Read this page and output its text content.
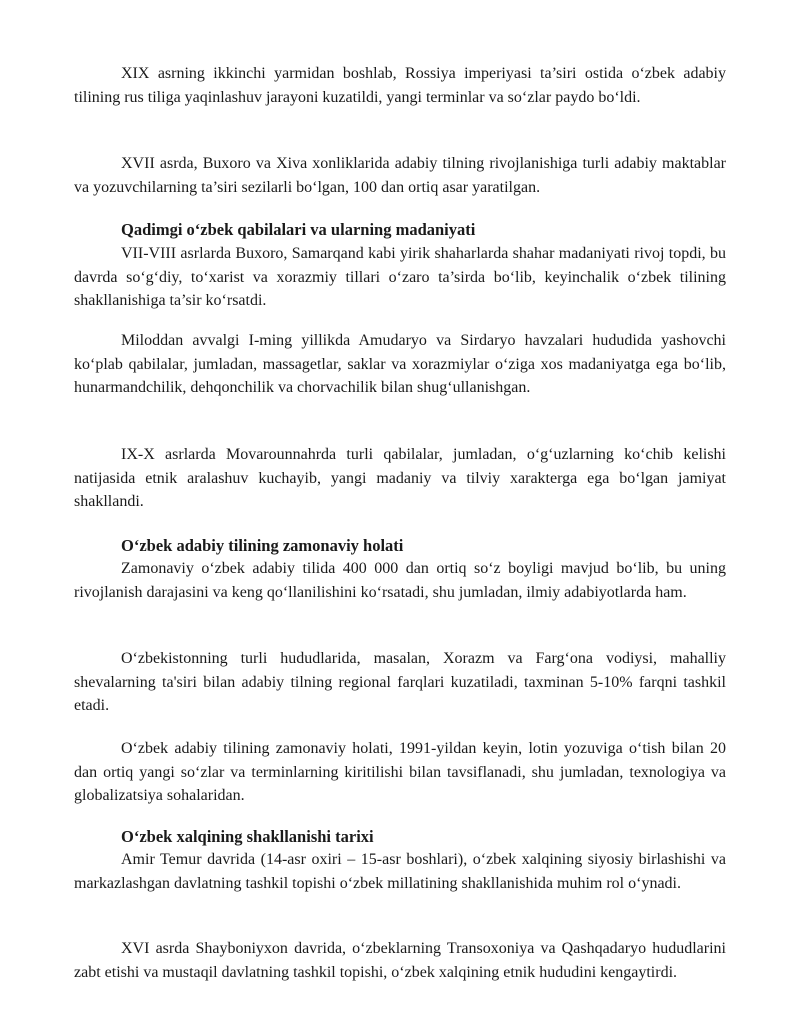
XIX asrning ikkinchi yarmidan boshlab, Rossiya imperiyasi ta’siri ostida o‘zbek adabiy tilining rus tiliga yaqinlashuv jarayoni kuzatildi, yangi terminlar va so‘zlar paydo bo‘ldi.

XVII asrda, Buxoro va Xiva xonliklarida adabiy tilning rivojlanishiga turli adabiy maktablar va yozuvchilarning ta’siri sezilarli bo‘lgan, 100 dan ortiq asar yaratilgan.

Qadimgi o‘zbek qabilalari va ularning madaniyati

VII-VIII asrlarda Buxoro, Samarqand kabi yirik shaharlarda shahar madaniyati rivoj topdi, bu davrda so‘g‘diy, to‘xarist va xorazmiy tillari o‘zaro ta’sirda bo‘lib, keyinchalik o‘zbek tilining shakllanishiga ta’sir ko‘rsatdi.

Miloddan avvalgi I-ming yillikda Amudaryo va Sirdaryo havzalari hududida yashovchi ko‘plab qabilalar, jumladan, massagetlar, saklar va xorazmiylar o‘ziga xos madaniyatga ega bo‘lib, hunarmandchilik, dehqonchilik va chorvachilik bilan shug‘ullanishgan.

IX-X asrlarda Movarounnahrda turli qabilalar, jumladan, o‘g‘uzlarning ko‘chib kelishi natijasida etnik aralashuv kuchayib, yangi madaniy va tilviy xarakterga ega bo‘lgan jamiyat shakllandi.

O‘zbek adabiy tilining zamonaviy holati

Zamonaviy o‘zbek adabiy tilida 400 000 dan ortiq so‘z boyligi mavjud bo‘lib, bu uning rivojlanish darajasini va keng qo‘llanilishini ko‘rsatadi, shu jumladan, ilmiy adabiyotlarda ham.

O‘zbekistonning turli hududlarida, masalan, Xorazm va Farg‘ona vodiysi, mahalliy shevalarning ta'siri bilan adabiy tilning regional farqlari kuzatiladi, taxminan 5-10% farqni tashkil etadi.

O‘zbek adabiy tilining zamonaviy holati, 1991-yildan keyin, lotin yozuviga o‘tish bilan 20 dan ortiq yangi so‘zlar va terminlarning kiritilishi bilan tavsiflanadi, shu jumladan, texnologiya va globalizatsiya sohalaridan.

O‘zbek xalqining shakllanishi tarixi

Amir Temur davrida (14-asr oxiri – 15-asr boshlari), o‘zbek xalqining siyosiy birlashishi va markazlashgan davlatning tashkil topishi o‘zbek millatining shakllanishida muhim rol o‘ynadi.

XVI asrda Shayboniyxon davrida, o‘zbeklarning Transoxoniya va Qashqadaryo hududlarini zabt etishi va mustaqil davlatning tashkil topishi, o‘zbek xalqining etnik hududini kengaytirdi.
